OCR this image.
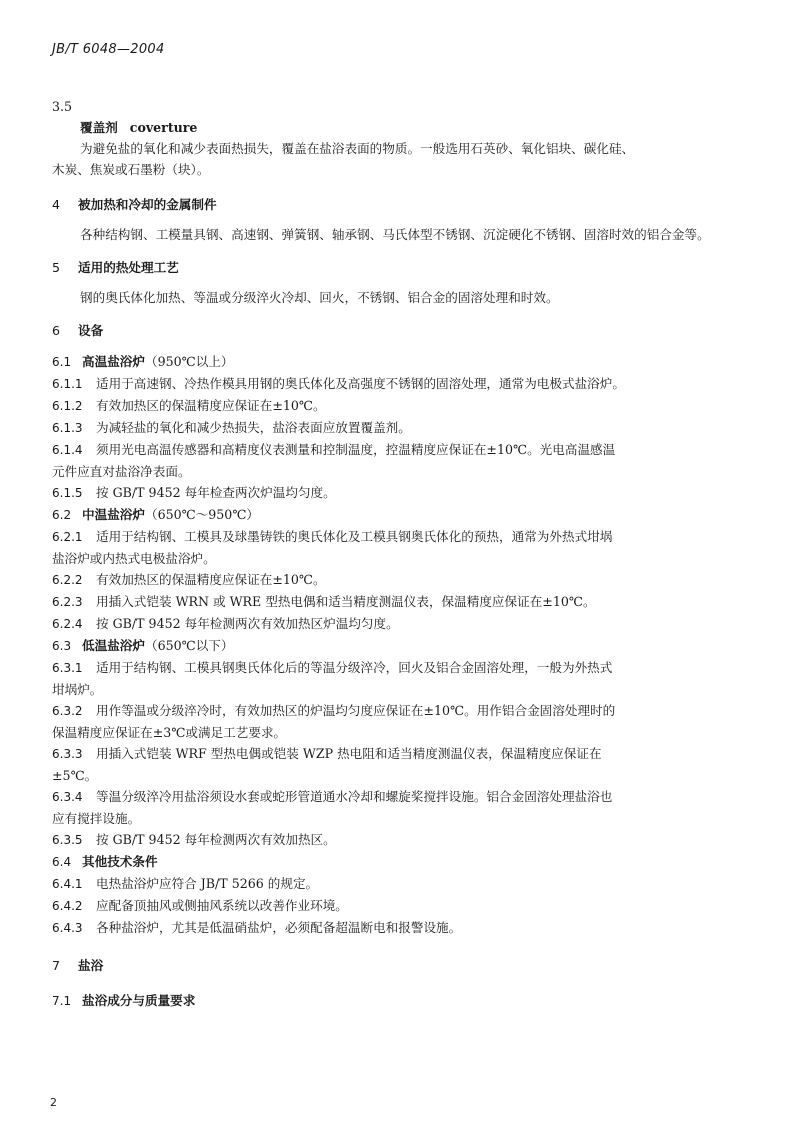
JB/T 6048—2004
3.5
覆盖剂 coverture
为避免盐的氧化和减少表面热损失，覆盖在盐浴表面的物质。一般选用石英砂、氧化铝块、碳化硅、
木炭、焦炭或石墨粉（块）。
4 被加热和冷却的金属制件
各种结构钢、工模量具钢、高速钢、弹簧钢、轴承钢、马氏体型不锈钢、沉淀硬化不锈钢、固溶时效的铝合金等。
5 适用的热处理工艺
钢的奥氏体化加热、等温或分级淬火冷却、回火，不锈钢、铝合金的固溶处理和时效。
6 设备
6.1 高温盐浴炉（950℃以上）
6.1.1 适用于高速钢、冷热作模具用钢的奥氏体化及高强度不锈钢的固溶处理，通常为电极式盐浴炉。
6.1.2 有效加热区的保温精度应保证在±10℃。
6.1.3 为减轻盐的氧化和减少热损失，盐浴表面应放置覆盖剂。
6.1.4 须用光电高温传感器和高精度仪表测量和控制温度，控温精度应保证在±10℃。光电高温感温
元件应直对盐浴净表面。
6.1.5 按 GB/T 9452 每年检查两次炉温均匀度。
6.2 中温盐浴炉（650℃～950℃）
6.2.1 适用于结构钢、工模具及球墨铸铁的奥氏体化及工模具钢奥氏体化的预热，通常为外热式坩埚
盐浴炉或内热式电极盐浴炉。
6.2.2 有效加热区的保温精度应保证在±10℃。
6.2.3 用插入式铠装 WRN 或 WRE 型热电偶和适当精度测温仪表，保温精度应保证在±10℃。
6.2.4 按 GB/T 9452 每年检测两次有效加热区炉温均匀度。
6.3 低温盐浴炉（650℃以下）
6.3.1 适用于结构钢、工模具钢奥氏体化后的等温分级淬冷，回火及铝合金固溶处理，一般为外热式
坩埚炉。
6.3.2 用作等温或分级淬冷时，有效加热区的炉温均匀度应保证在±10℃。用作铝合金固溶处理时的
保温精度应保证在±3℃或满足工艺要求。
6.3.3 用插入式铠装 WRF 型热电偶或铠装 WZP 热电阻和适当精度测温仪表，保温精度应保证在
±5℃。
6.3.4 等温分级淬冷用盐浴须设水套或蛇形管道通水冷却和螺旋桨搅拌设施。铝合金固溶处理盐浴也
应有搅拌设施。
6.3.5 按 GB/T 9452 每年检测两次有效加热区。
6.4 其他技术条件
6.4.1 电热盐浴炉应符合 JB/T 5266 的规定。
6.4.2 应配备顶抽风或侧抽风系统以改善作业环境。
6.4.3 各种盐浴炉，尤其是低温硝盐炉，必须配备超温断电和报警设施。
7 盐浴
7.1 盐浴成分与质量要求
2
